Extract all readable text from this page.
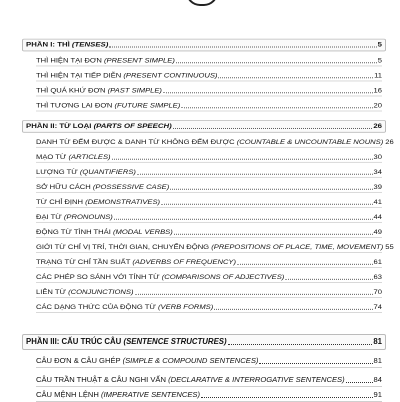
PHẦN I: THÌ (TENSES)	5
THÌ HIỆN TẠI ĐƠN (PRESENT SIMPLE)	5
THÌ HIỆN TẠI TIẾP DIỄN (PRESENT CONTINUOUS)	11
THÌ QUÁ KHỨ ĐƠN (PAST SIMPLE)	16
THÌ TƯƠNG LAI ĐƠN (FUTURE SIMPLE)	20
PHẦN II: TỪ LOẠI (PARTS OF SPEECH)	26
DANH TỪ ĐẾM ĐƯỢC & DANH TỪ KHÔNG ĐẾM ĐƯỢC (COUNTABLE & UNCOUNTABLE NOUNS) 26
MẠO TỪ (ARTICLES)	30
LƯỢNG TỪ (QUANTIFIERS)	34
SỞ HỮU CÁCH (POSSESSIVE CASE)	39
TỪ CHỈ ĐỊNH (DEMONSTRATIVES)	41
ĐẠI TỪ (PRONOUNS)	44
ĐỘNG TỪ TÌNH THÁI (MODAL VERBS)	49
GIỚI TỪ CHỈ VỊ TRÍ, THỜI GIAN, CHUYỂN ĐỘNG (PREPOSITIONS OF PLACE, TIME, MOVEMENT) 55
TRẠNG TỪ CHỈ TẦN SUẤT (ADVERBS OF FREQUENCY)	61
CÁC PHÉP SO SÁNH VỚI TÍNH TỪ (COMPARISONS OF ADJECTIVES)	63
LIÊN TỪ (CONJUNCTIONS)	70
CÁC DẠNG THỨC CỦA ĐỘNG TỪ (VERB FORMS)	74
PHẦN III: CẤU TRÚC CÂU (SENTENCE STRUCTURES)	81
CÂU ĐƠN & CÂU GHÉP (SIMPLE & COMPOUND SENTENCES)	81
CÂU TRẦN THUẬT & CÂU NGHI VẤN (DECLARATIVE & INTERROGATIVE SENTENCES)	84
CÂU MỆNH LỆNH (IMPERATIVE SENTENCES)	91
